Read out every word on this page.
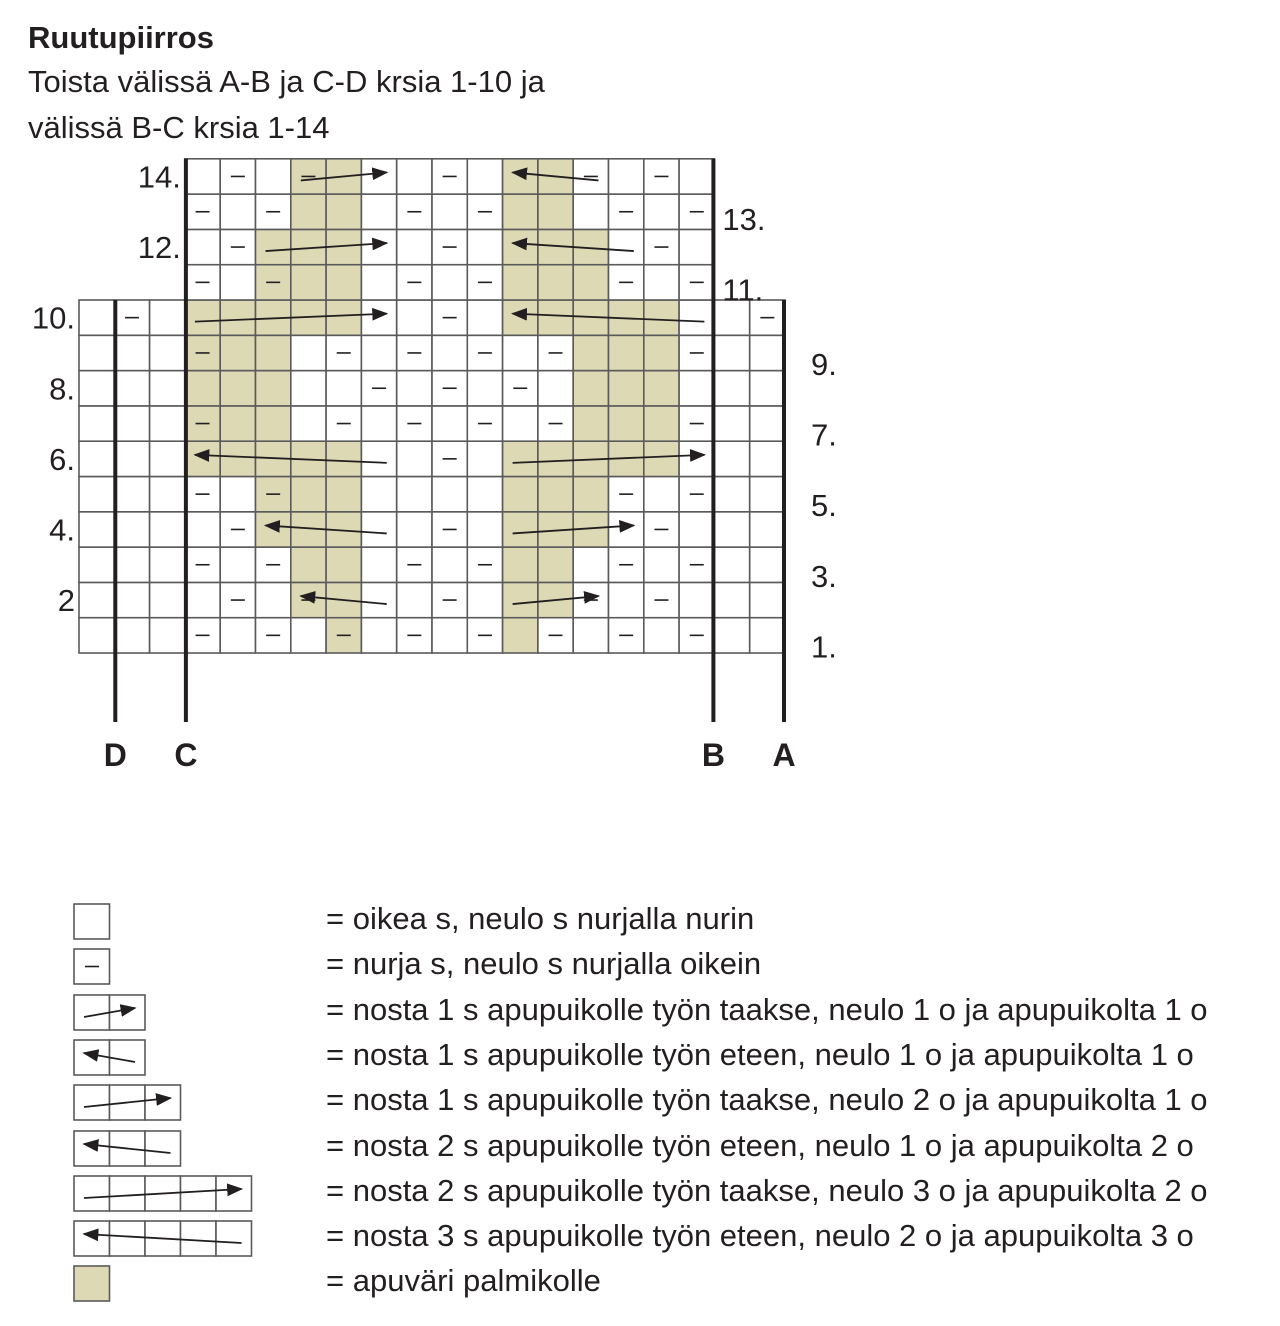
Ruutupiirros

Toista välissä A-B ja C-D krsia 1-10 ja

välissä B-C krsia 1-14

D C	B A
14.
12.
10.
8.
6.
4.
2
13.
11.
9.
7.
5.
3.
1.
= oikea s, neulo s nurjalla nurin
= nurja s, neulo s nurjalla oikein
= nosta 1 s apupuikolle työn taakse, neulo 1 o ja apupuikolta 1 o
= nosta 1 s apupuikolle työn eteen, neulo 1 o ja apupuikolta 1 o
= nosta 1 s apupuikolle työn taakse, neulo 2 o ja apupuikolta 1 o
= nosta 2 s apupuikolle työn eteen, neulo 1 o ja apupuikolta 2 o
= nosta 2 s apupuikolle työn taakse, neulo 3 o ja apupuikolta 2 o
= nosta 3 s apupuikolle työn eteen, neulo 2 o ja apupuikolta 3 o
= apuväri palmikolle
